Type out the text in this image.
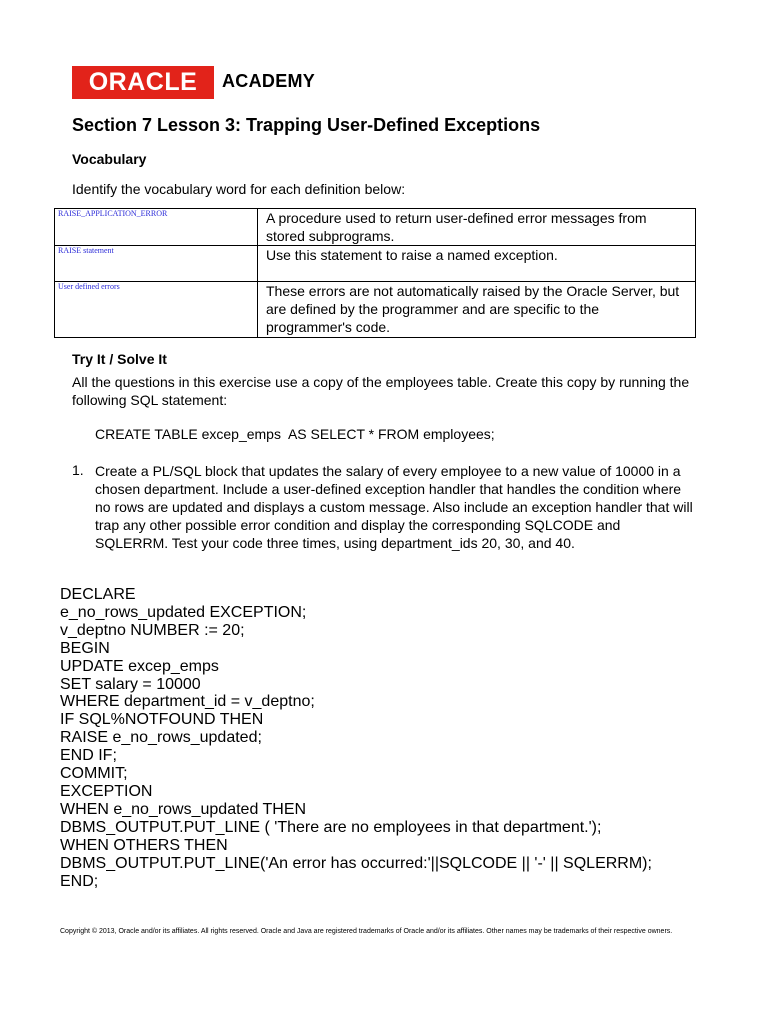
ORACLE	®
ACADEMY
Section 7 Lesson 3: Trapping User-Defined Exceptions
Vocabulary
Identify the vocabulary word for each definition below:
RAISE_APPLICATION_ERROR	A procedure used to return user-defined error messages from stored subprograms.
RAISE statement	Use this statement to raise a named exception.
User defined errors	These errors are not automatically raised by the Oracle Server, but are defined by the programmer and are specific to the programmer's code.
Try It / Solve It
All the questions in this exercise use a copy of the employees table. Create this copy by running the following SQL statement:
CREATE TABLE excep_emps  AS SELECT * FROM employees;
1. Create a PL/SQL block that updates the salary of every employee to a new value of 10000 in a chosen department. Include a user-defined exception handler that handles the condition where no rows are updated and displays a custom message. Also include an exception handler that will trap any other possible error condition and display the corresponding SQLCODE and SQLERRM. Test your code three times, using department_ids 20, 30, and 40.
DECLARE
e_no_rows_updated EXCEPTION;
v_deptno NUMBER := 20;
BEGIN
UPDATE excep_emps
SET salary = 10000
WHERE department_id = v_deptno;
IF SQL%NOTFOUND THEN
RAISE e_no_rows_updated;
END IF;
COMMIT;
EXCEPTION
WHEN e_no_rows_updated THEN
DBMS_OUTPUT.PUT_LINE ( 'There are no employees in that department.');
WHEN OTHERS THEN
DBMS_OUTPUT.PUT_LINE('An error has occurred:'||SQLCODE || '-' || SQLERRM);
END;
Copyright © 2013, Oracle and/or its affiliates. All rights reserved. Oracle and Java are registered trademarks of Oracle and/or its affiliates. Other names may be trademarks of their respective owners.
